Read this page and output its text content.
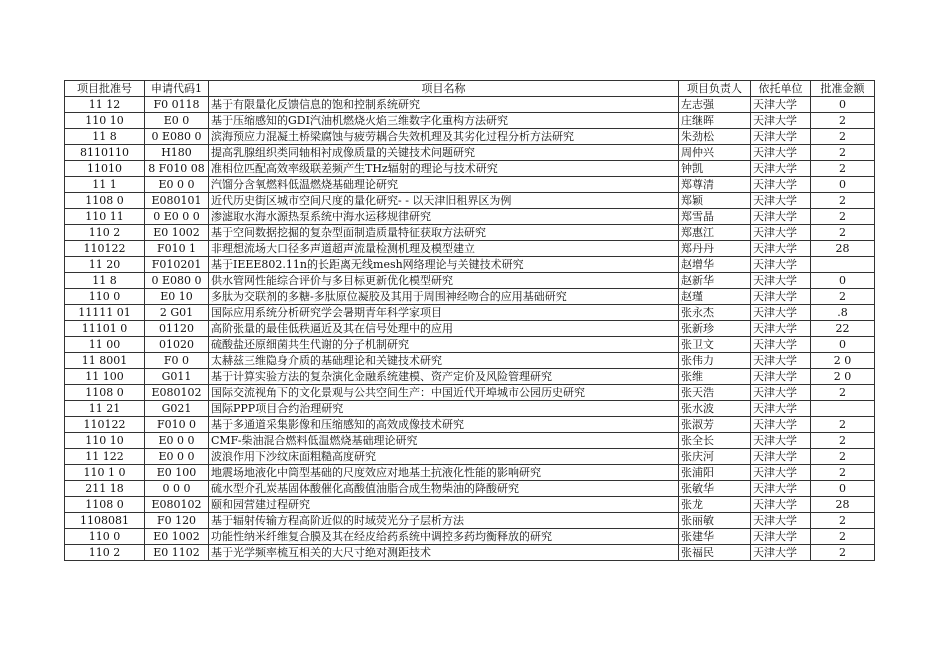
项目批准号	申请代码1	项目名称	项目负责人	依托单位	批准金额
11 12	F0 0118	基于有限量化反馈信息的饱和控制系统研究	左志强	天津大学	0
110 10	E0 0	基于压缩感知的GDI汽油机燃烧火焰三维数字化重构方法研究	庄继晖	天津大学	2
11 8	0 E080 0	滨海预应力混凝土桥梁腐蚀与疲劳耦合失效机理及其劣化过程分析方法研究	朱劲松	天津大学	2
8110110	H180	提高乳腺组织类同轴相衬成像质量的关键技术问题研究	周仲兴	天津大学	2
11010	8 F010 08	准相位匹配高效率级联差频产生THz辐射的理论与技术研究	钟凯	天津大学	2
11 1	E0 0 0	汽馏分含氧燃料低温燃烧基础理论研究	郑尊清	天津大学	0
1108 0	E080101	近代历史街区城市空间尺度的量化研究- - 以天津旧租界区为例	郑颖	天津大学	2
110 11	0 E0 0 0	渗滤取水海水源热泵系统中海水运移规律研究	郑雪晶	天津大学	2
110 2	E0 1002	基于空间数据挖掘的复杂型面制造质量特征获取方法研究	郑惠江	天津大学	2
110122	F010 1	非理想流场大口径多声道超声流量检测机理及模型建立	郑丹丹	天津大学	28
11 20	F010201	基于IEEE802.11n的长距离无线mesh网络理论与关键技术研究	赵增华	天津大学	
11 8	0 E080 0	供水管网性能综合评价与多目标更新优化模型研究	赵新华	天津大学	0
110 0	E0 10	多肽为交联剂的多糖-多肽原位凝胶及其用于周围神经吻合的应用基础研究	赵瑾	天津大学	2
11111 01	2 G01	国际应用系统分析研究学会暑期青年科学家项目	张永杰	天津大学	.8
11101 0	01120	高阶张量的最佳低秩逼近及其在信号处理中的应用	张新珍	天津大学	22
11 00	01020	硫酸盐还原细菌共生代谢的分子机制研究	张卫文	天津大学	0
11 8001	F0 0	太赫兹三维隐身介质的基础理论和关键技术研究	张伟力	天津大学	2 0
11 100	G011	基于计算实验方法的复杂演化金融系统建模、资产定价及风险管理研究	张维	天津大学	2 0
1108 0	E080102	国际交流视角下的文化景观与公共空间生产：中国近代开埠城市公园历史研究	张天浩	天津大学	2
11 21	G021	国际PPP项目合约治理研究	张水波	天津大学	
110122	F010 0	基于多通道采集影像和压缩感知的高效成像技术研究	张淑芳	天津大学	2
110 10	E0 0 0	CMF-柴油混合燃料低温燃烧基础理论研究	张全长	天津大学	2
11 122	E0 0 0	波浪作用下沙纹床面粗糙高度研究	张庆河	天津大学	2
110 1 0	E0 100	地震场地液化中筒型基础的尺度效应对地基土抗液化性能的影响研究	张浦阳	天津大学	2
211 18	0 0 0	硫水型介孔炭基固体酸催化高酸值油脂合成生物柴油的降酸研究	张敏华	天津大学	0
1108 0	E080102	颐和园营建过程研究	张龙	天津大学	28
1108081	F0 120	基于辐射传输方程高阶近似的时域荧光分子层析方法	张丽敏	天津大学	2
110 0	E0 1002	功能性纳米纤维复合膜及其在经皮给药系统中调控多药均衡释放的研究	张建华	天津大学	2
110 2	E0 1102	基于光学频率梳互相关的大尺寸绝对测距技术	张福民	天津大学	2
